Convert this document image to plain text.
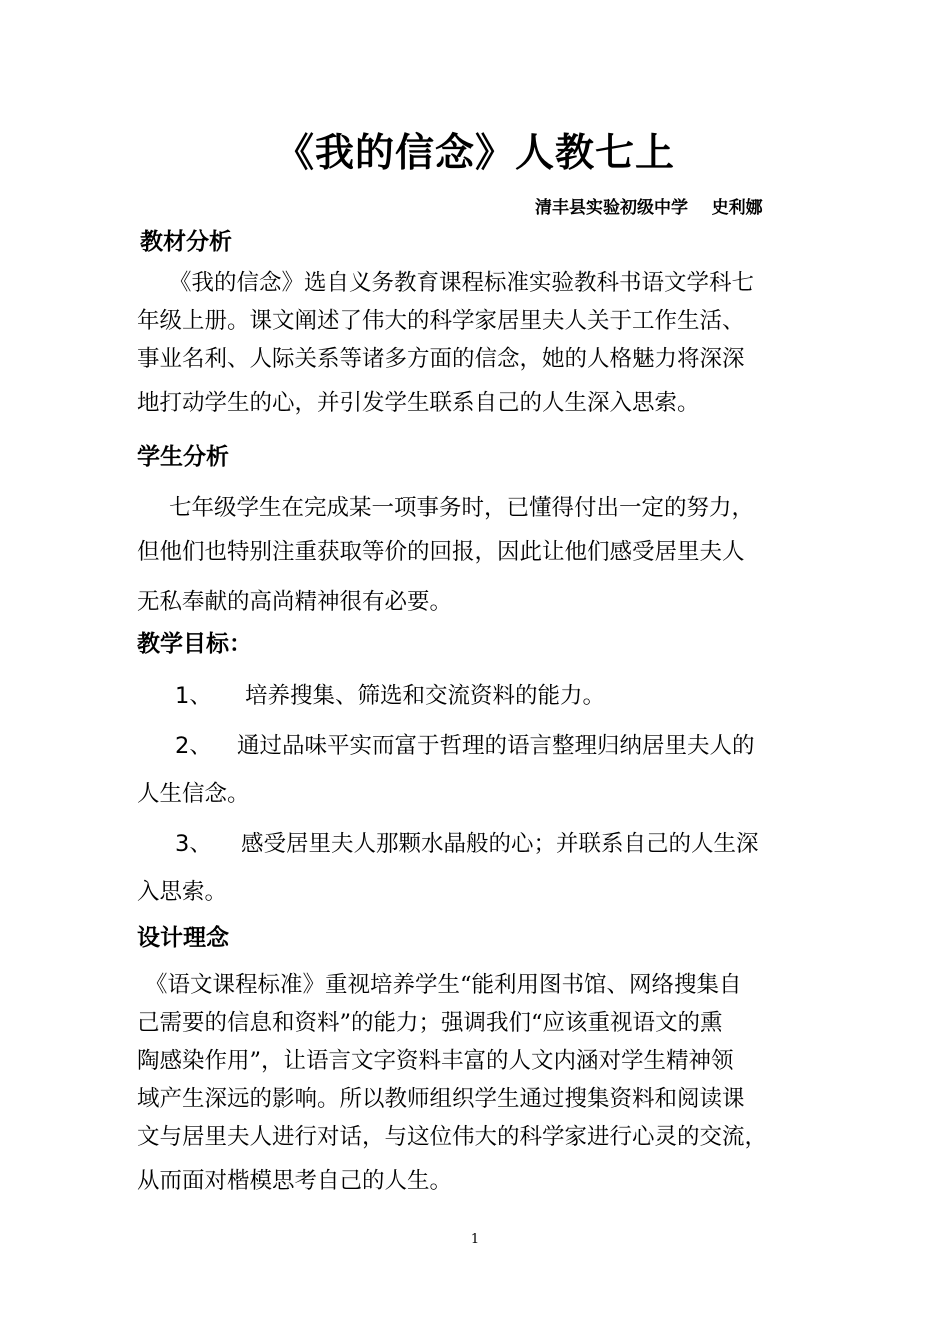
《我的信念》人教七上
清丰县实验初级中学    史利娜
教材分析
《我的信念》选自义务教育课程标准实验教科书语文学科七
年级上册。课文阐述了伟大的科学家居里夫人关于工作生活、
事业名利、人际关系等诸多方面的信念，她的人格魅力将深深
地打动学生的心，并引发学生联系自己的人生深入思索。
学生分析
七年级学生在完成某一项事务时，已懂得付出一定的努力，
但他们也特别注重获取等价的回报，因此让他们感受居里夫人
无私奉献的高尚精神很有必要。
教学目标：
1、 培养搜集、筛选和交流资料的能力。
2、 通过品味平实而富于哲理的语言整理归纳居里夫人的
人生信念。
3、 感受居里夫人那颗水晶般的心；并联系自己的人生深
入思索。
设计理念
《语文课程标准》重视培养学生“能利用图书馆、网络搜集自
己需要的信息和资料”的能力；强调我们“应该重视语文的熏
陶感染作用”，让语言文字资料丰富的人文内涵对学生精神领
域产生深远的影响。所以教师组织学生通过搜集资料和阅读课
文与居里夫人进行对话，与这位伟大的科学家进行心灵的交流，
从而面对楷模思考自己的人生。
1
